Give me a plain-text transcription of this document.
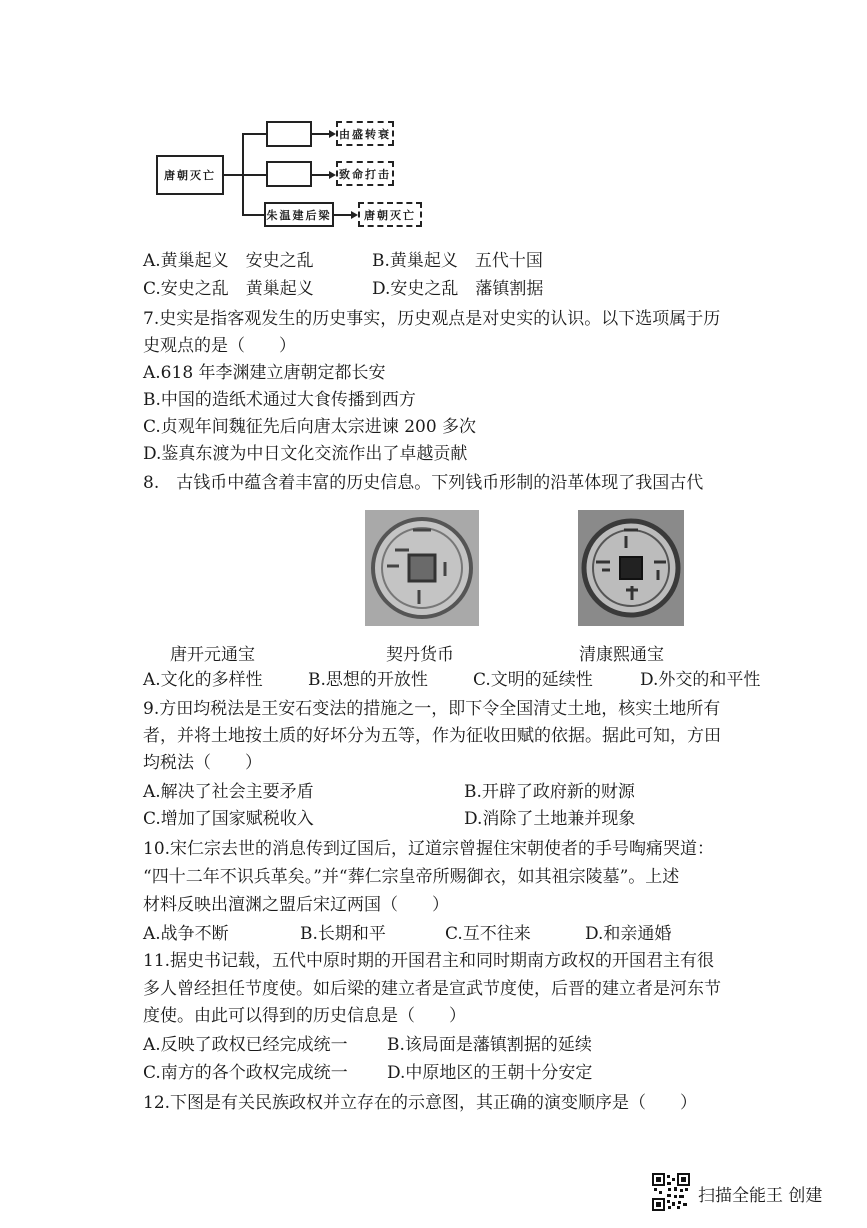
唐朝灭亡
朱温建后梁
由盛转衰
致命打击
唐朝灭亡
A.黄巢起义　安史之乱	B.黄巢起义　五代十国
C.安史之乱　黄巢起义	D.安史之乱　藩镇割据
7.史实是指客观发生的历史事实，历史观点是对史实的认识。以下选项属于历
史观点的是（　　）
A.618 年李渊建立唐朝定都长安
B.中国的造纸术通过大食传播到西方
C.贞观年间魏征先后向唐太宗进谏 200 多次
D.鉴真东渡为中日文化交流作出了卓越贡献
8.　古钱币中蕴含着丰富的历史信息。下列钱币形制的沿革体现了我国古代
唐开元通宝	契丹货币	清康熙通宝
A.文化的多样性	B.思想的开放性	C.文明的延续性	D.外交的和平性
9.方田均税法是王安石变法的措施之一，即下令全国清丈土地，核实土地所有
者，并将土地按土质的好坏分为五等，作为征收田赋的依据。据此可知，方田
均税法（　　）
A.解决了社会主要矛盾	B.开辟了政府新的财源
C.增加了国家赋税收入	D.消除了土地兼并现象
10.宋仁宗去世的消息传到辽国后，辽道宗曾握住宋朝使者的手号啕痛哭道：
“四十二年不识兵革矣。”并“葬仁宗皇帝所赐御衣，如其祖宗陵墓”。上述
材料反映出澶渊之盟后宋辽两国（　　）
A.战争不断	B.长期和平	C.互不往来	D.和亲通婚
11.据史书记载，五代中原时期的开国君主和同时期南方政权的开国君主有很
多人曾经担任节度使。如后梁的建立者是宣武节度使，后晋的建立者是河东节
度使。由此可以得到的历史信息是（　　）
A.反映了政权已经完成统一 B.该局面是藩镇割据的延续
C.南方的各个政权完成统一 D.中原地区的王朝十分安定
12.下图是有关民族政权并立存在的示意图，其正确的演变顺序是（　　）
扫描全能王 创建
